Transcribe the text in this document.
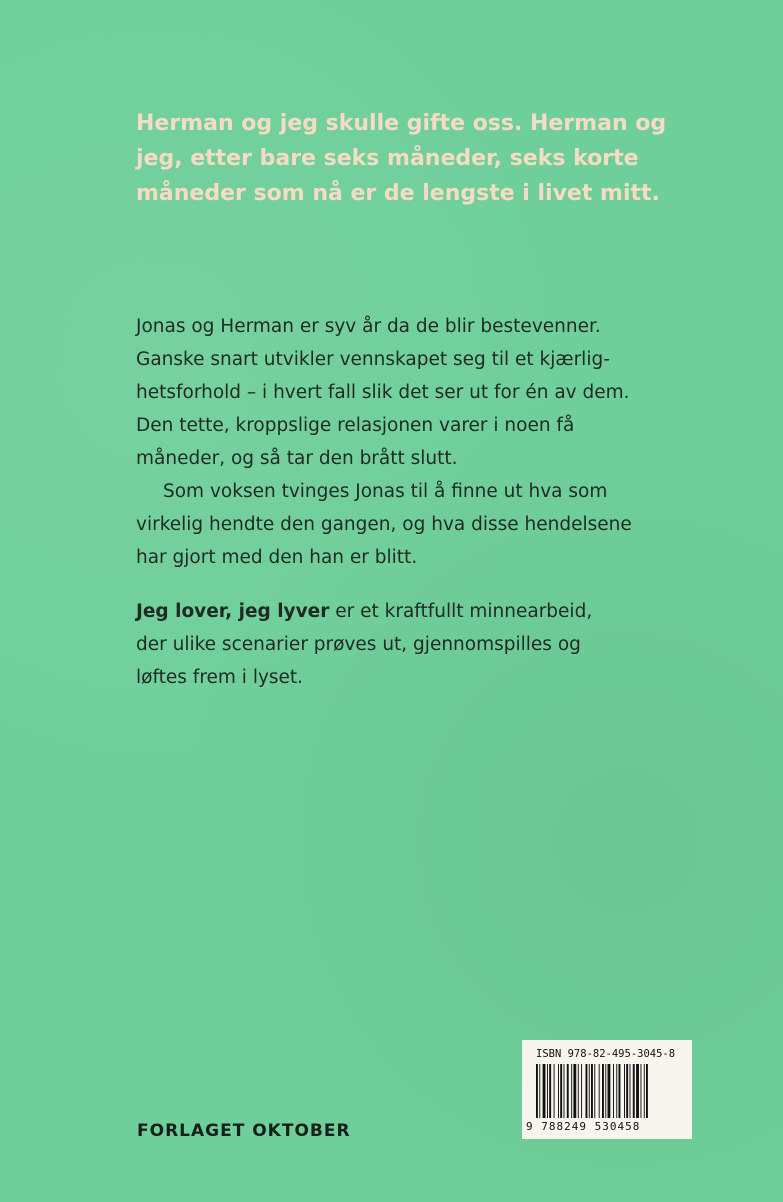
Herman og jeg skulle gifte oss. Herman og
jeg, etter bare seks måneder, seks korte
måneder som nå er de lengste i livet mitt.

Jonas og Herman er syv år da de blir bestevenner.
Ganske snart utvikler vennskapet seg til et kjærlig-
hetsforhold – i hvert fall slik det ser ut for én av dem.
Den tette, kroppslige relasjonen varer i noen få
måneder, og så tar den brått slutt.
Som voksen tvinges Jonas til å finne ut hva som
virkelig hendte den gangen, og hva disse hendelsene
har gjort med den han er blitt.

Jeg lover, jeg lyver er et kraftfullt minnearbeid,
der ulike scenarier prøves ut, gjennomspilles og
løftes frem i lyset.

FORLAGET OKTOBER
ISBN 978-82-495-3045-8
9 788249 530458
